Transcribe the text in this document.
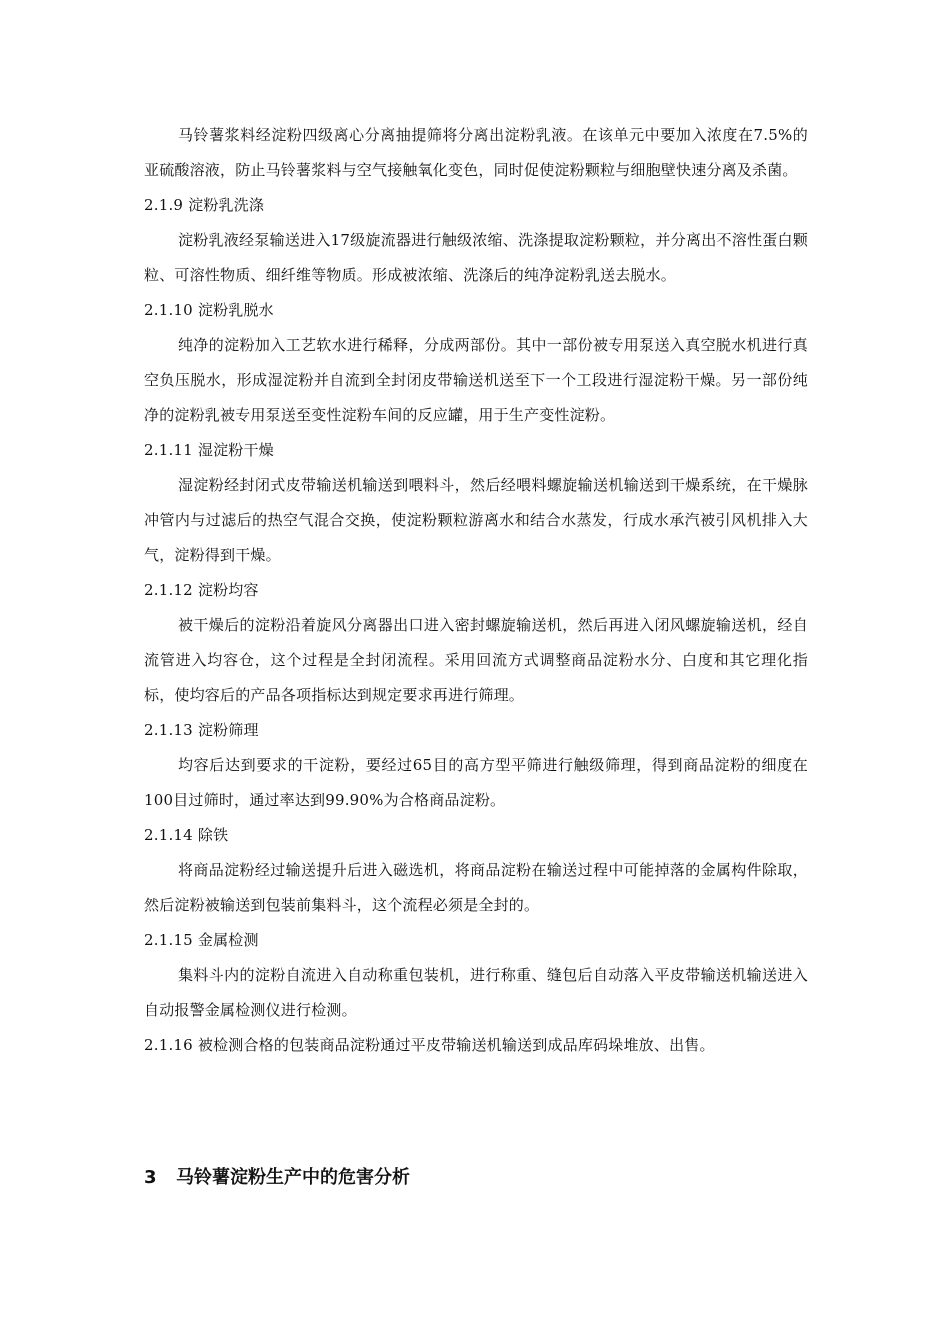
马铃薯浆料经淀粉四级离心分离抽提筛将分离出淀粉乳液。在该单元中要加入浓度在7.5%的亚硫酸溶液，防止马铃薯浆料与空气接触氧化变色，同时促使淀粉颗粒与细胞壁快速分离及杀菌。

2.1.9 淀粉乳洗涤

淀粉乳液经泵输送进入17级旋流器进行触级浓缩、洗涤提取淀粉颗粒，并分离出不溶性蛋白颗粒、可溶性物质、细纤维等物质。形成被浓缩、洗涤后的纯净淀粉乳送去脱水。

2.1.10 淀粉乳脱水

纯净的淀粉加入工艺软水进行稀释，分成两部份。其中一部份被专用泵送入真空脱水机进行真空负压脱水，形成湿淀粉并自流到全封闭皮带输送机送至下一个工段进行湿淀粉干燥。另一部份纯净的淀粉乳被专用泵送至变性淀粉车间的反应罐，用于生产变性淀粉。

2.1.11 湿淀粉干燥

湿淀粉经封闭式皮带输送机输送到喂料斗，然后经喂料螺旋输送机输送到干燥系统，在干燥脉冲管内与过滤后的热空气混合交换，使淀粉颗粒游离水和结合水蒸发，行成水承汽被引风机排入大气，淀粉得到干燥。

2.1.12 淀粉均容

被干燥后的淀粉沿着旋风分离器出口进入密封螺旋输送机，然后再进入闭风螺旋输送机，经自流管进入均容仓，这个过程是全封闭流程。采用回流方式调整商品淀粉水分、白度和其它理化指标，使均容后的产品各项指标达到规定要求再进行筛理。

2.1.13 淀粉筛理

均容后达到要求的干淀粉，要经过65目的高方型平筛进行触级筛理，得到商品淀粉的细度在100目过筛时，通过率达到99.90%为合格商品淀粉。

2.1.14 除铁

将商品淀粉经过输送提升后进入磁选机，将商品淀粉在输送过程中可能掉落的金属构件除取，然后淀粉被输送到包装前集料斗，这个流程必须是全封的。

2.1.15 金属检测

集料斗内的淀粉自流进入自动称重包装机，进行称重、缝包后自动落入平皮带输送机输送进入自动报警金属检测仪进行检测。

2.1.16 被检测合格的包装商品淀粉通过平皮带输送机输送到成品库码垛堆放、出售。

3 马铃薯淀粉生产中的危害分析
